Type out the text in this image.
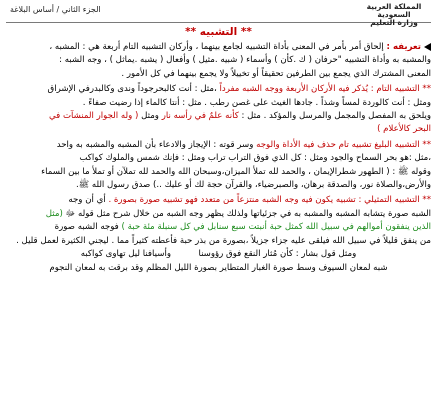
المملكة العربية السعودية
وزارة التعليم
الجزء الثاني / أساس البلاغة
** التشبيه **

تعريفه : إلحاق أمر بأمر في المعنى بأداة التشبيه لجامع بينهما ، وأركان التشبيه التام أربعة هي : المشبه ،

والمشبه به وأداة التشبيه "حرفان ( ك .كأن ) وأسماء ( شبيه .مثيل ) وأفعال ( يشبه .يماثل ) ، وجه الشبه :

المعنى المشترك الذي يجمع بين الطرفين تحقيقاً أو تخييلاً ولا يجمع بينهما في كل الأمور .

** التشبيه التام : يُذكر فيه الأركان الأربعة ووجه الشبه مفرداً ،مثل : أنت كالبحرجوداً وندى وكالبدرفي الإشراق

ومثل : أنت كالوردة لمساً وشذاً . جادها الغيث على غصن رطب . مثل : أنتا كالماء إذا رضيت صفاءً .

ويلحق به المفصل والمجمل والمرسل والمؤكد . مثل : كأنه علمٌ في رأسه نار ومثل ( وله الجوار المنشآت في

البحر كالأعلام )

** التشبيه البليغ تشبيه تام حذف فيه الأداة والوجه وسر قوته : الإيجاز والادعاء بأن المشبه والمشبه به واحد

،مثل :هو بحر السماح والجود ومثل : كل الذي فوق التراب تراب ومثل : فإنك شمس والملوك كواكب

وقوله ﷺ : ( الطهور شطرالإيمان ، والحمد لله تملأ الميزان،وسبحان الله والحمد لله تملآن أو تملأ ما بين السماء

والأرض،والصلاة نور، والصدقة برهان، والصبرضياء، والقرآن حجة لك أو عليك ..) صدق رسول الله ﷺ.

** التشبيه التمثيلي : تشبيه يكون فيه وجه الشبه منتزعاً من متعدد فهو تشبيه صورة بصورة . أي أن وجه

الشبه صورة يتشابه المشبه والمشبه به في جزئياتها ولذلك يظهر وجه الشبه من خلال شرح مثل قوله ﷻ (مثل

الذين ينفقون أموالهم في سبيل الله كمثل حبة أنبتت سبع سنابل في كل سنبلة مئة حبة ) فوجه الشبه صورة

من ينفق قليلاً في سبيل الله فيلقى عليه جزاء جزيلاً ،بصورة من بذر حبة فأعطته كثيراً مما . ليجني الكثيرة لعمل قليل .

ومثل قول بشار : كأن مُثار النقع فوق رؤوسنا  وأسيافنا ليل تهاوى كواكبه

شبه لمعان السيوف وسط صورة الغبار المتطاير بصورة الليل المظلم وقد برقت به لمعان النجوم
